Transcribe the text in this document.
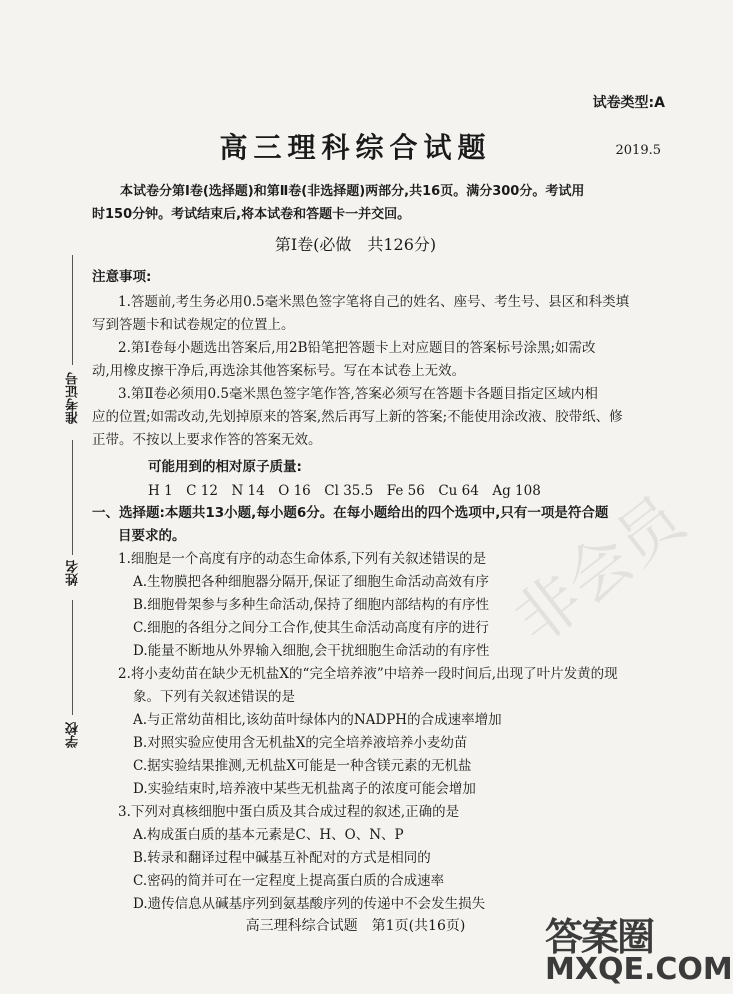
非会员
准考证号
姓名
学校
试卷类型:A
高三理科综合试题	2019.5
本试卷分第Ⅰ卷(选择题)和第Ⅱ卷(非选择题)两部分,共16页。满分300分。考试用
时150分钟。考试结束后,将本试卷和答题卡一并交回。
第Ⅰ卷(必做　共126分)
注意事项:
1.答题前,考生务必用0.5毫米黑色签字笔将自己的姓名、座号、考生号、县区和科类填
写到答题卡和试卷规定的位置上。
2.第Ⅰ卷每小题选出答案后,用2B铅笔把答题卡上对应题目的答案标号涂黑;如需改
动,用橡皮擦干净后,再选涂其他答案标号。写在本试卷上无效。
3.第Ⅱ卷必须用0.5毫米黑色签字笔作答,答案必须写在答题卡各题目指定区域内相
应的位置;如需改动,先划掉原来的答案,然后再写上新的答案;不能使用涂改液、胶带纸、修
正带。不按以上要求作答的答案无效。
可能用到的相对原子质量:
H 1　C 12　N 14　O 16　Cl 35.5　Fe 56　Cu 64　Ag 108
一、选择题:本题共13小题,每小题6分。在每小题给出的四个选项中,只有一项是符合题
目要求的。
1.细胞是一个高度有序的动态生命体系,下列有关叙述错误的是
A.生物膜把各种细胞器分隔开,保证了细胞生命活动高效有序
B.细胞骨架参与多种生命活动,保持了细胞内部结构的有序性
C.细胞的各组分之间分工合作,使其生命活动高度有序的进行
D.能量不断地从外界输入细胞,会干扰细胞生命活动的有序性
2.将小麦幼苗在缺少无机盐X的“完全培养液”中培养一段时间后,出现了叶片发黄的现
象。下列有关叙述错误的是
A.与正常幼苗相比,该幼苗叶绿体内的NADPH的合成速率增加
B.对照实验应使用含无机盐X的完全培养液培养小麦幼苗
C.据实验结果推测,无机盐X可能是一种含镁元素的无机盐
D.实验结束时,培养液中某些无机盐离子的浓度可能会增加
3.下列对真核细胞中蛋白质及其合成过程的叙述,正确的是
A.构成蛋白质的基本元素是C、H、O、N、P
B.转录和翻译过程中碱基互补配对的方式是相同的
C.密码的简并可在一定程度上提高蛋白质的合成速率
D.遗传信息从碱基序列到氨基酸序列的传递中不会发生损失
高三理科综合试题　第1页(共16页)	答案圈
MXQE.COM
